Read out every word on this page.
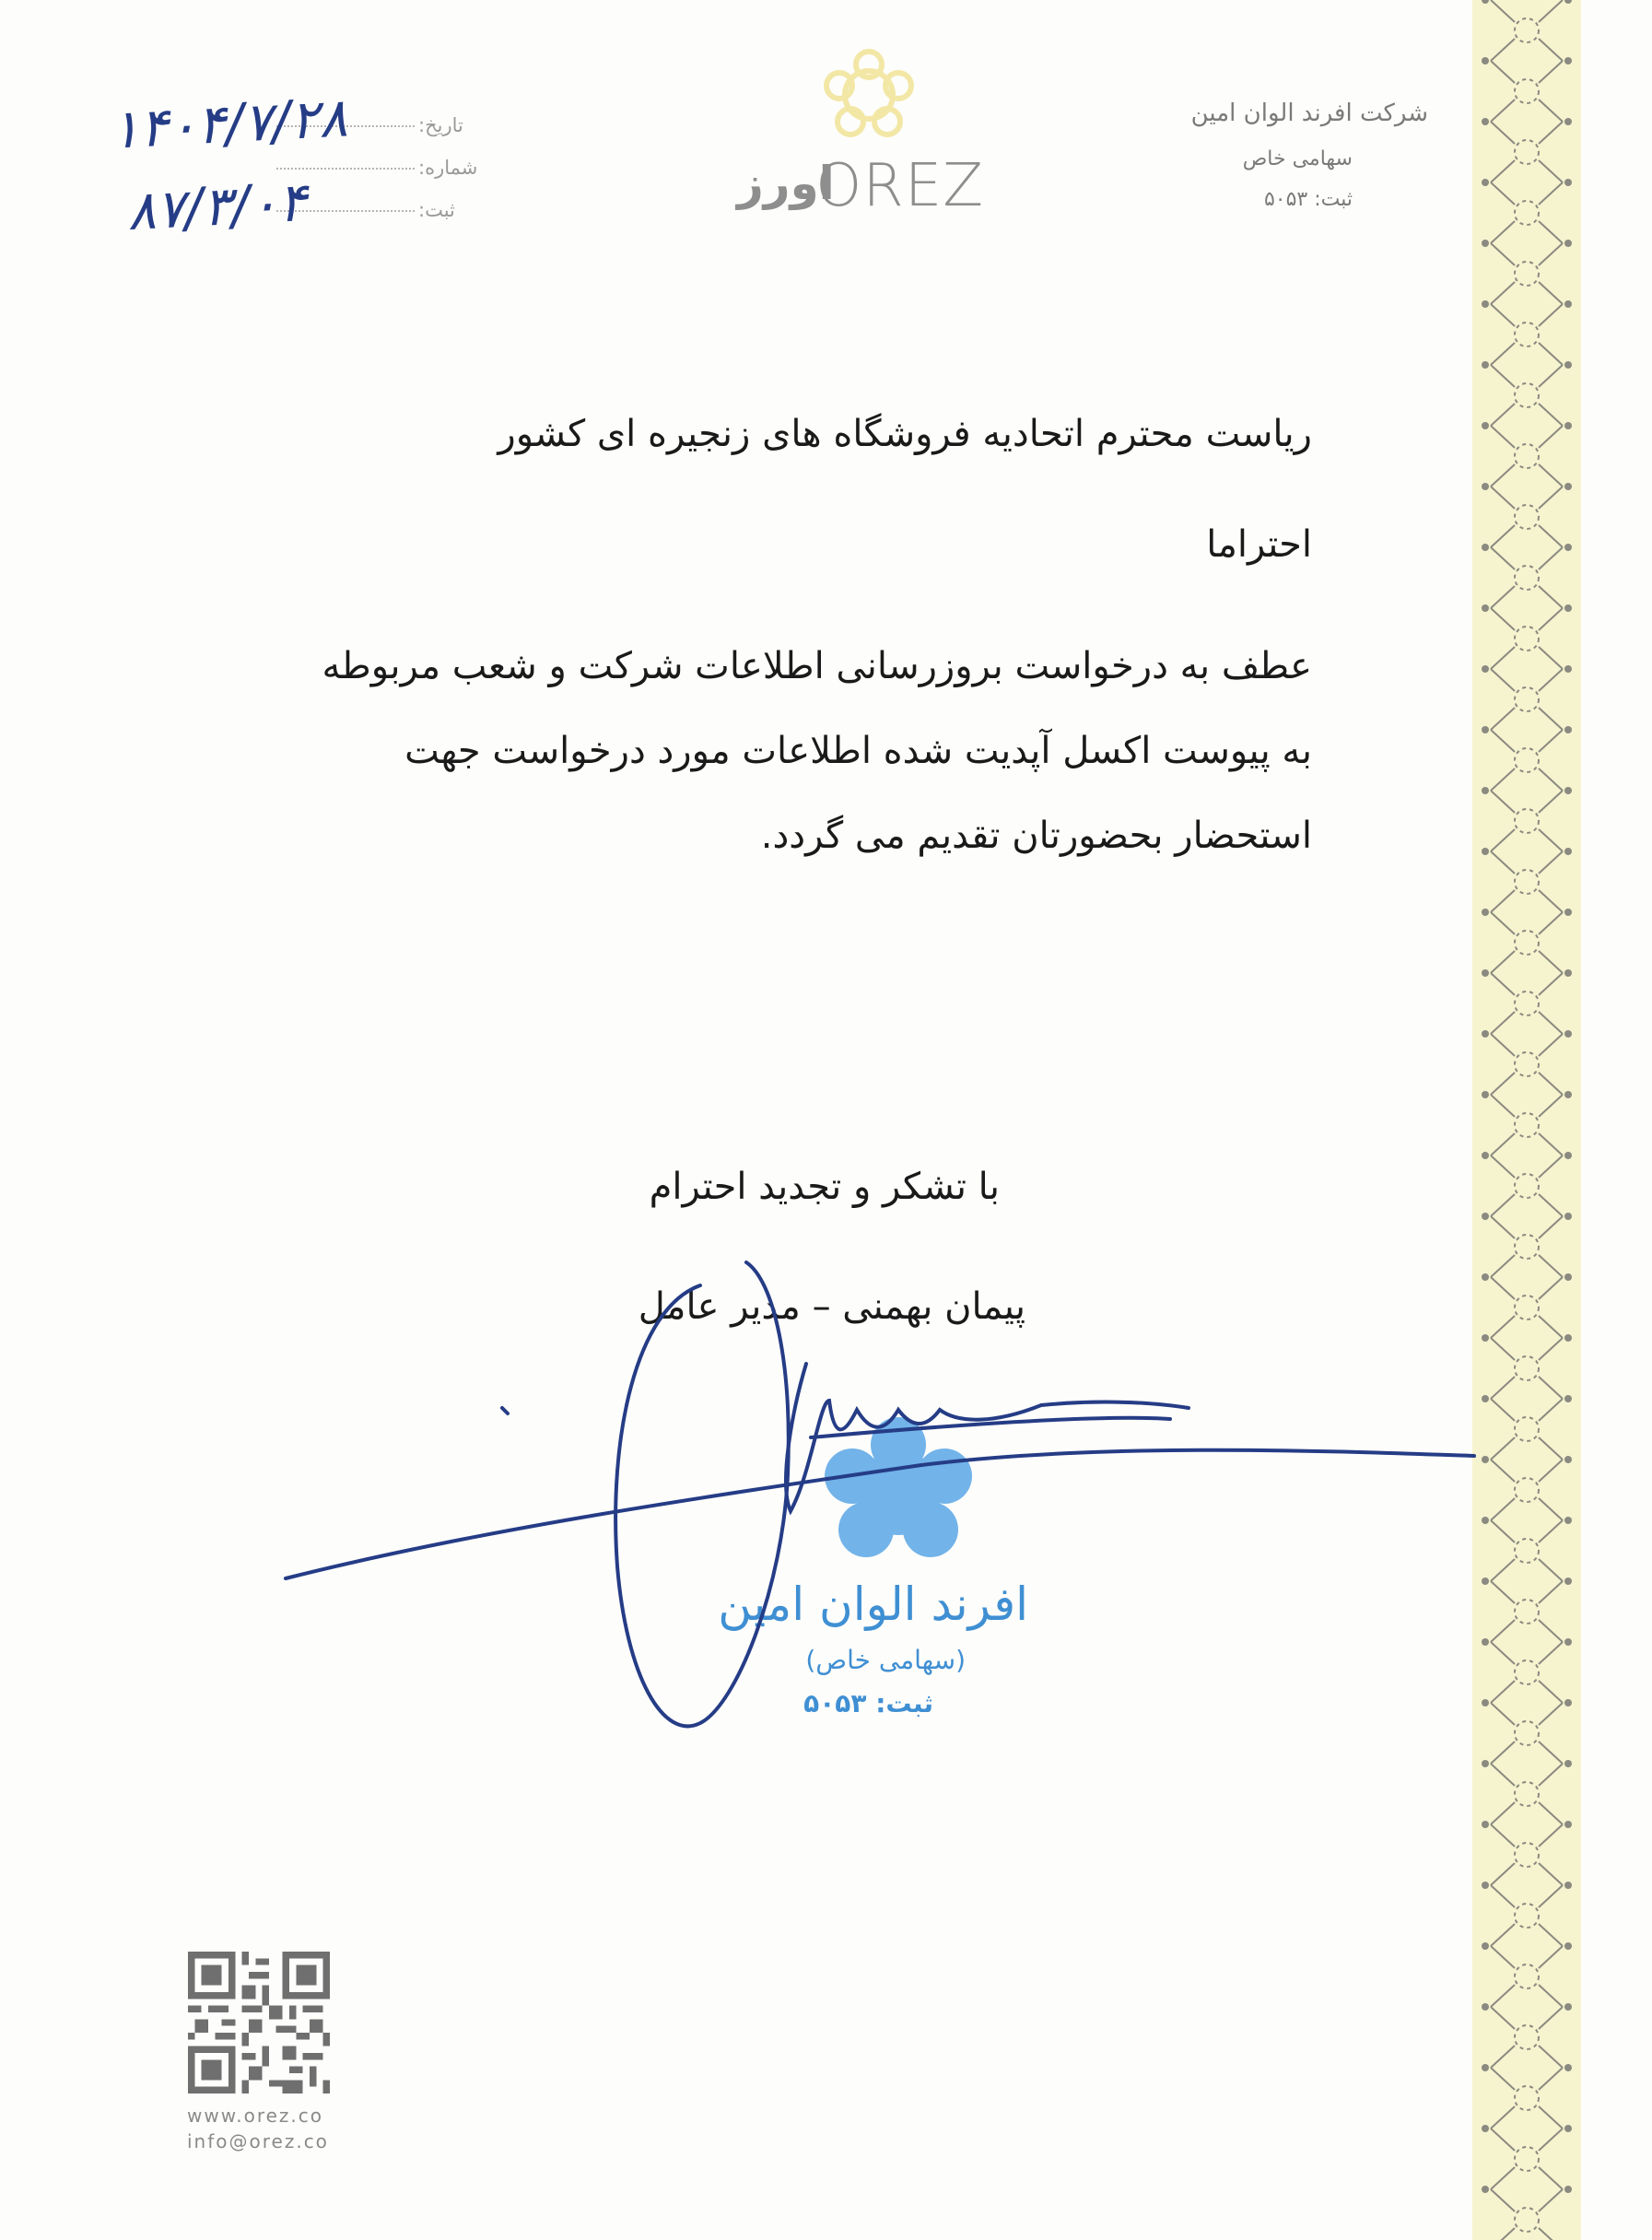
تاریخ:
شماره:
ثبت:
۱۴۰۴/۷/۲۸
۸۷/۳/۰۴	اورز
OREZ
شرکت افرند الوان امین
سهامی خاص
ثبت: ۵۰۵۳
ریاست محترم اتحادیه فروشگاه های زنجیره ای کشور
احتراما
عطف به درخواست بروزرسانی اطلاعات شرکت و شعب مربوطه
به پیوست اکسل آپدیت شده اطلاعات مورد درخواست جهت
استحضار بحضورتان تقدیم می گردد.
با تشکر و تجدید احترام
پیمان بهمنی – مدیر عامل
افرند الوان امین
(سهامی خاص)
ثبت: ۵۰۵۳
www.orez.co
info@orez.co
